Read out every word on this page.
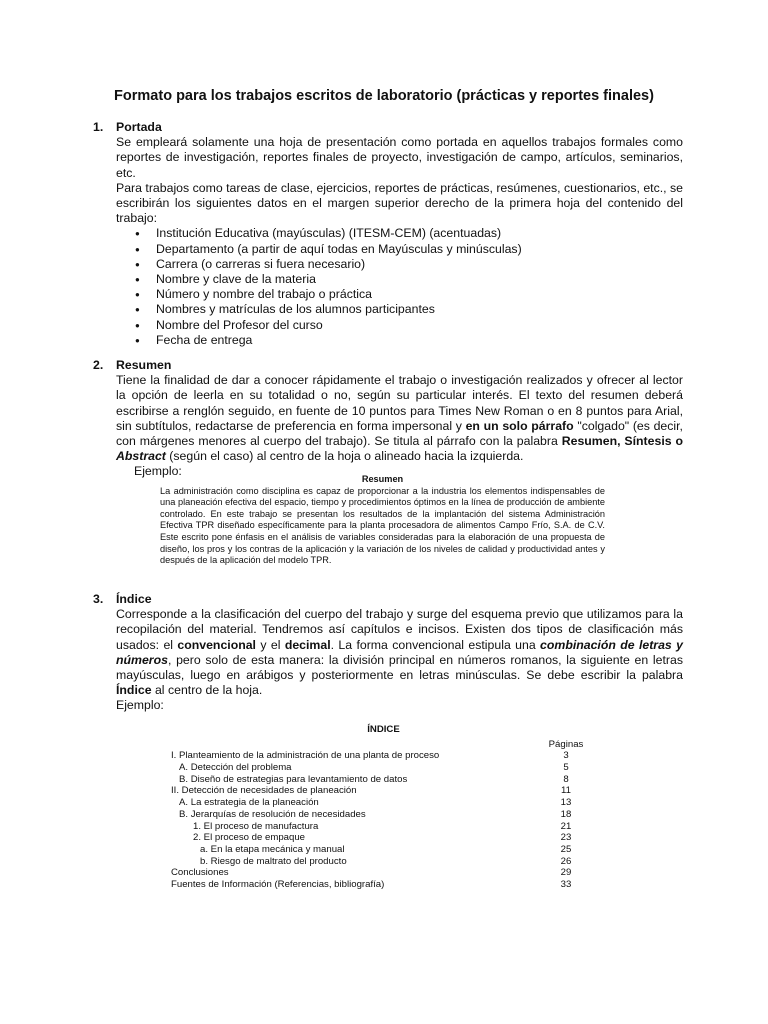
Formato para los trabajos escritos de laboratorio (prácticas y reportes finales)
1.	Portada
Se empleará solamente una hoja de presentación como portada en aquellos trabajos formales como reportes de investigación, reportes finales de proyecto, investigación de campo, artículos, seminarios, etc.
Para trabajos como tareas de clase, ejercicios, reportes de prácticas, resúmenes, cuestionarios, etc., se escribirán los siguientes datos en el margen superior derecho de la primera hoja del contenido del trabajo:
● Institución Educativa (mayúsculas) (ITESM-CEM) (acentuadas)
● Departamento (a partir de aquí todas en Mayúsculas y minúsculas)
● Carrera (o carreras si fuera necesario)
● Nombre y clave de la materia
● Número y nombre del trabajo o práctica
● Nombres y matrículas de los alumnos participantes
● Nombre del Profesor del curso
● Fecha de entrega
2.	Resumen
Tiene la finalidad de dar a conocer rápidamente el trabajo o investigación realizados y ofrecer al lector la opción de leerla en su totalidad o no, según su particular interés. El texto del resumen deberá escribirse a renglón seguido, en fuente de 10 puntos para Times New Roman o en 8 puntos para Arial, sin subtítulos, redactarse de preferencia en forma impersonal y en un solo párrafo "colgado" (es decir, con márgenes menores al cuerpo del trabajo). Se titula al párrafo con la palabra Resumen, Síntesis o Abstract (según el caso) al centro de la hoja o alineado hacia la izquierda.
Ejemplo:
Resumen
La administración como disciplina es capaz de proporcionar a la industria los elementos indispensables de una planeación efectiva del espacio, tiempo y procedimientos óptimos en la línea de producción de ambiente controlado. En este trabajo se presentan los resultados de la implantación del sistema Administración Efectiva TPR diseñado específicamente para la planta procesadora de alimentos Campo Frío, S.A. de C.V. Este escrito pone énfasis en el análisis de variables consideradas para la elaboración de una propuesta de diseño, los pros y los contras de la aplicación y la variación de los niveles de calidad y productividad antes y después de la aplicación del modelo TPR.
3.	Índice
Corresponde a la clasificación del cuerpo del trabajo y surge del esquema previo que utilizamos para la recopilación del material. Tendremos así capítulos e incisos. Existen dos tipos de clasificación más usados: el convencional y el decimal. La forma convencional estipula una combinación de letras y números, pero solo de esta manera: la división principal en números romanos, la siguiente en letras mayúsculas, luego en arábigos y posteriormente en letras minúsculas. Se debe escribir la palabra Índice al centro de la hoja.
Ejemplo:
ÍNDICE
Páginas
I. Planteamiento de la administración de una planta de proceso	3
A. Detección del problema	5
B. Diseño de estrategias para levantamiento de datos	8
II. Detección de necesidades de planeación	11
A. La estrategia de la planeación	13
B. Jerarquías de resolución de necesidades	18
1. El proceso de manufactura	21
2. El proceso de empaque	23
a. En la etapa mecánica y manual	25
b. Riesgo de maltrato del producto	26
Conclusiones	29
Fuentes de Información (Referencias, bibliografía)	33
